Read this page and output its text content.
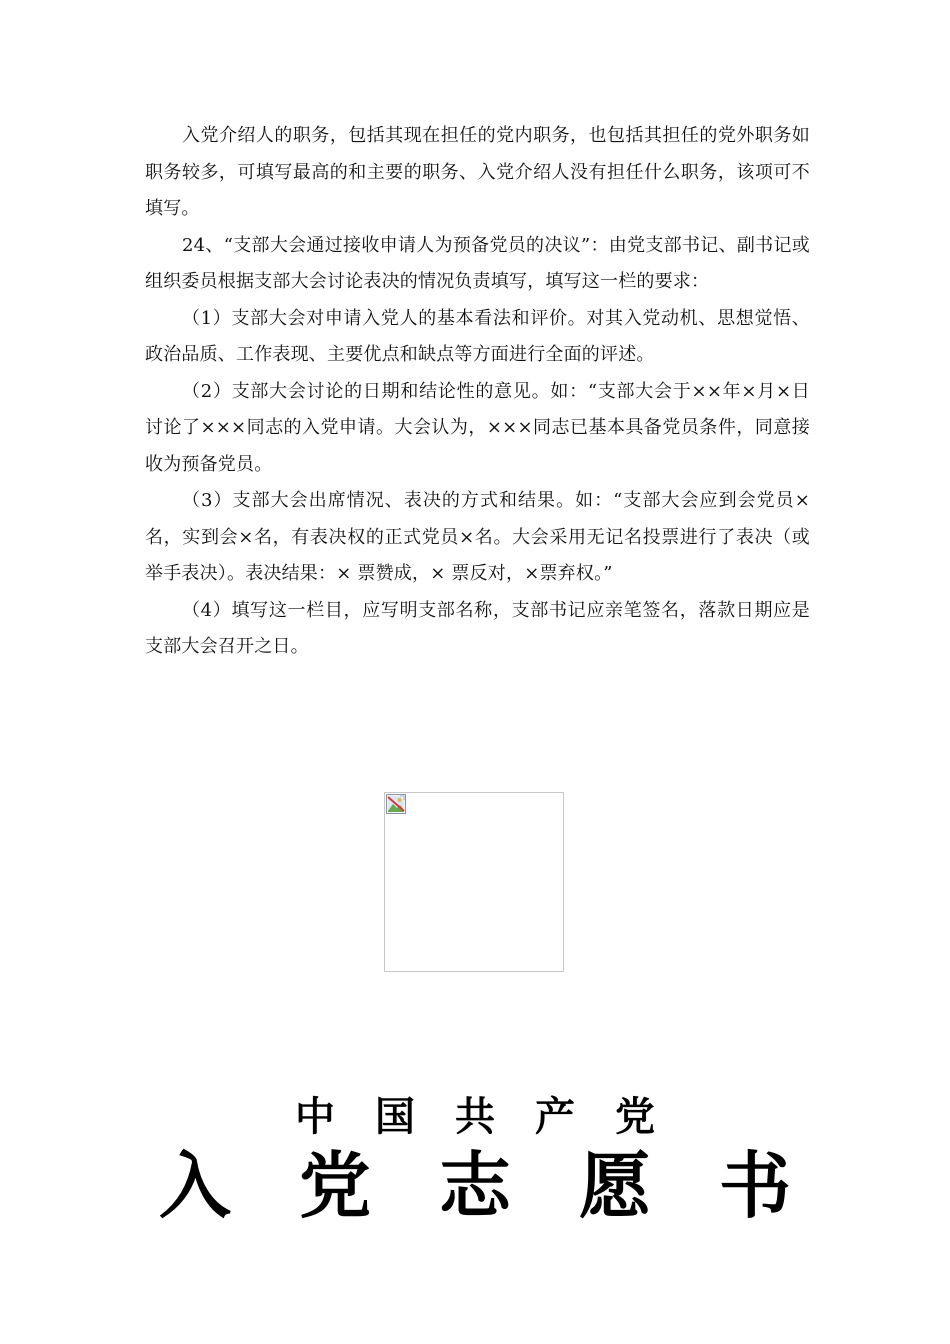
入党介绍人的职务，包括其现在担任的党内职务，也包括其担任的党外职务如职务较多，可填写最高的和主要的职务、入党介绍人没有担任什么职务，该项可不填写。

24、“支部大会通过接收申请人为预备党员的决议”：由党支部书记、副书记或组织委员根据支部大会讨论表决的情况负责填写，填写这一栏的要求：

（1）支部大会对申请入党人的基本看法和评价。对其入党动机、思想觉悟、政治品质、工作表现、主要优点和缺点等方面进行全面的评述。

（2）支部大会讨论的日期和结论性的意见。如：“支部大会于××年×月×日讨论了×××同志的入党申请。大会认为，×××同志已基本具备党员条件，同意接收为预备党员。

（3）支部大会出席情况、表决的方式和结果。如：“支部大会应到会党员×名，实到会×名，有表决权的正式党员×名。大会采用无记名投票进行了表决（或举手表决）。表决结果：× 票赞成，× 票反对，×票弃权。”

（4）填写这一栏目，应写明支部名称，支部书记应亲笔签名，落款日期应是支部大会召开之日。

中国共产党
入党志愿书
